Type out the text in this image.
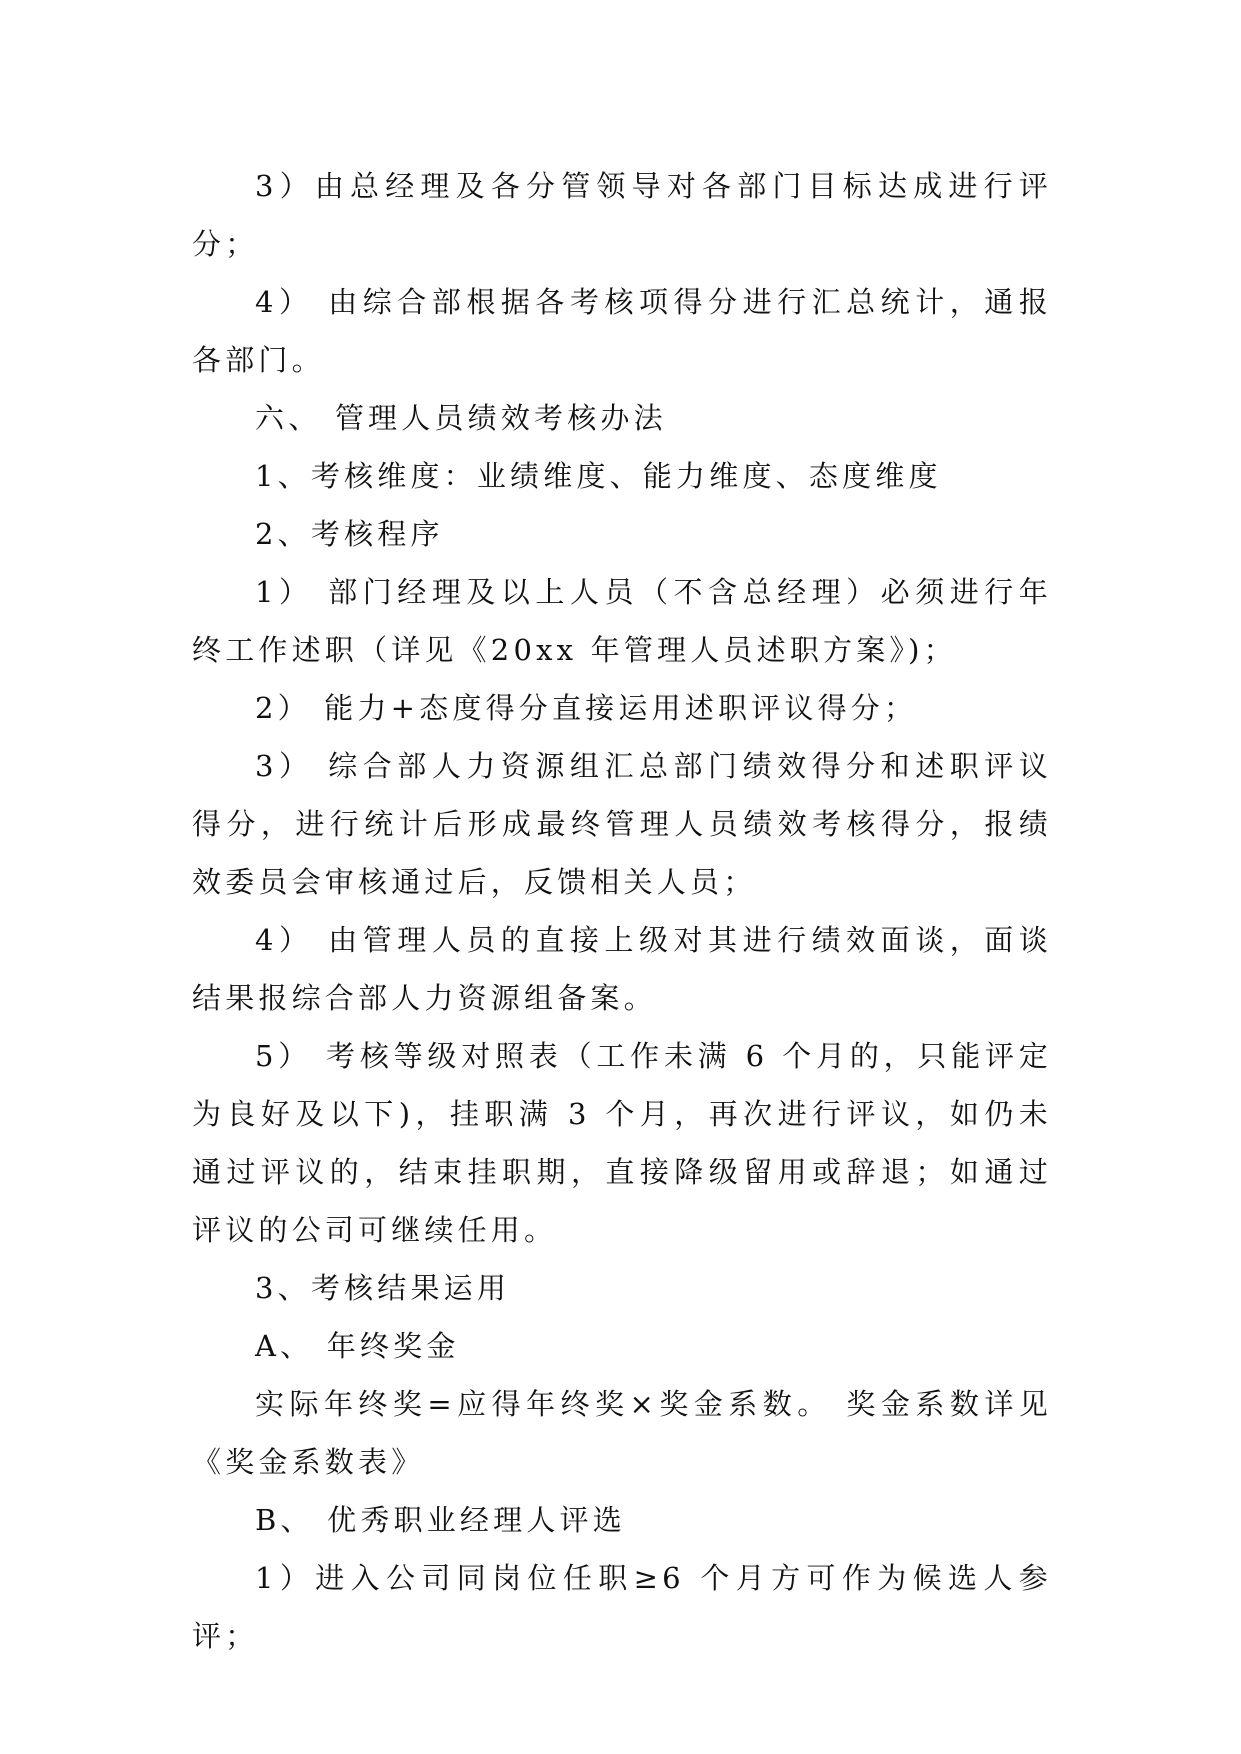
3）由总经理及各分管领导对各部门目标达成进行评分；

4） 由综合部根据各考核项得分进行汇总统计，通报各部门。

六、 管理人员绩效考核办法

1、考核维度：业绩维度、能力维度、态度维度

2、考核程序

1） 部门经理及以上人员（不含总经理）必须进行年终工作述职（详见《20xx 年管理人员述职方案》)；

2） 能力+态度得分直接运用述职评议得分；

3） 综合部人力资源组汇总部门绩效得分和述职评议得分，进行统计后形成最终管理人员绩效考核得分，报绩效委员会审核通过后，反馈相关人员；

4） 由管理人员的直接上级对其进行绩效面谈，面谈结果报综合部人力资源组备案。

5） 考核等级对照表（工作未满 6 个月的，只能评定为良好及以下)，挂职满 3 个月，再次进行评议，如仍未通过评议的，结束挂职期，直接降级留用或辞退；如通过评议的公司可继续任用。

3、考核结果运用

A、 年终奖金

实际年终奖=应得年终奖×奖金系数。 奖金系数详见《奖金系数表》

B、 优秀职业经理人评选

1）进入公司同岗位任职≥6 个月方可作为候选人参评；
